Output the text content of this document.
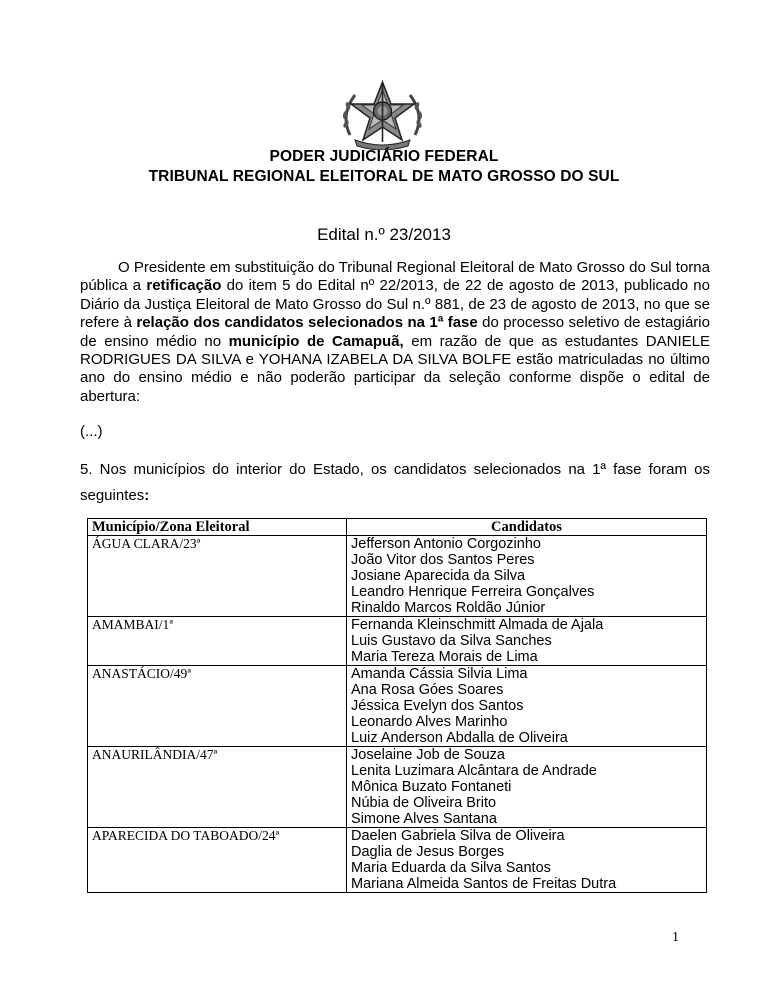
PODER JUDICIÁRIO FEDERAL
TRIBUNAL REGIONAL ELEITORAL DE MATO GROSSO DO SUL
Edital n.º 23/2013

O Presidente em substituição do Tribunal Regional Eleitoral de Mato Grosso do Sul torna pública a retificação do item 5 do Edital nº 22/2013, de 22 de agosto de 2013, publicado no Diário da Justiça Eleitoral de Mato Grosso do Sul n.º 881, de 23 de agosto de 2013, no que se refere à relação dos candidatos selecionados na 1ª fase do processo seletivo de estagiário de ensino médio no município de Camapuã, em razão de que as estudantes DANIELE RODRIGUES DA SILVA e YOHANA IZABELA DA SILVA BOLFE estão matriculadas no último ano do ensino médio e não poderão participar da seleção conforme dispõe o edital de abertura:

(...)

5. Nos municípios do interior do Estado, os candidatos selecionados na 1ª fase foram os seguintes:

Município/Zona Eleitoral	Candidatos
ÁGUA CLARA/23ª	Jefferson Antonio Corgozinho
João Vitor dos Santos Peres
Josiane Aparecida da Silva
Leandro Henrique Ferreira Gonçalves
Rinaldo Marcos Roldão Júnior

AMAMBAI/1ª	Fernanda Kleinschmitt Almada de Ajala
Luis Gustavo da Silva Sanches
Maria Tereza Morais de Lima

ANASTÁCIO/49ª	Amanda Cássia Silvia Lima
Ana Rosa Góes Soares
Jéssica Evelyn dos Santos
Leonardo Alves Marinho
Luiz Anderson Abdalla de Oliveira

ANAURILÂNDIA/47ª	Joselaine Job de Souza
Lenita Luzimara Alcântara de Andrade
Mônica Buzato Fontaneti
Núbia de Oliveira Brito
Simone Alves Santana

APARECIDA DO TABOADO/24ª	Daelen Gabriela Silva de Oliveira
Daglia de Jesus Borges
Maria Eduarda da Silva Santos
Mariana Almeida Santos de Freitas Dutra
1
